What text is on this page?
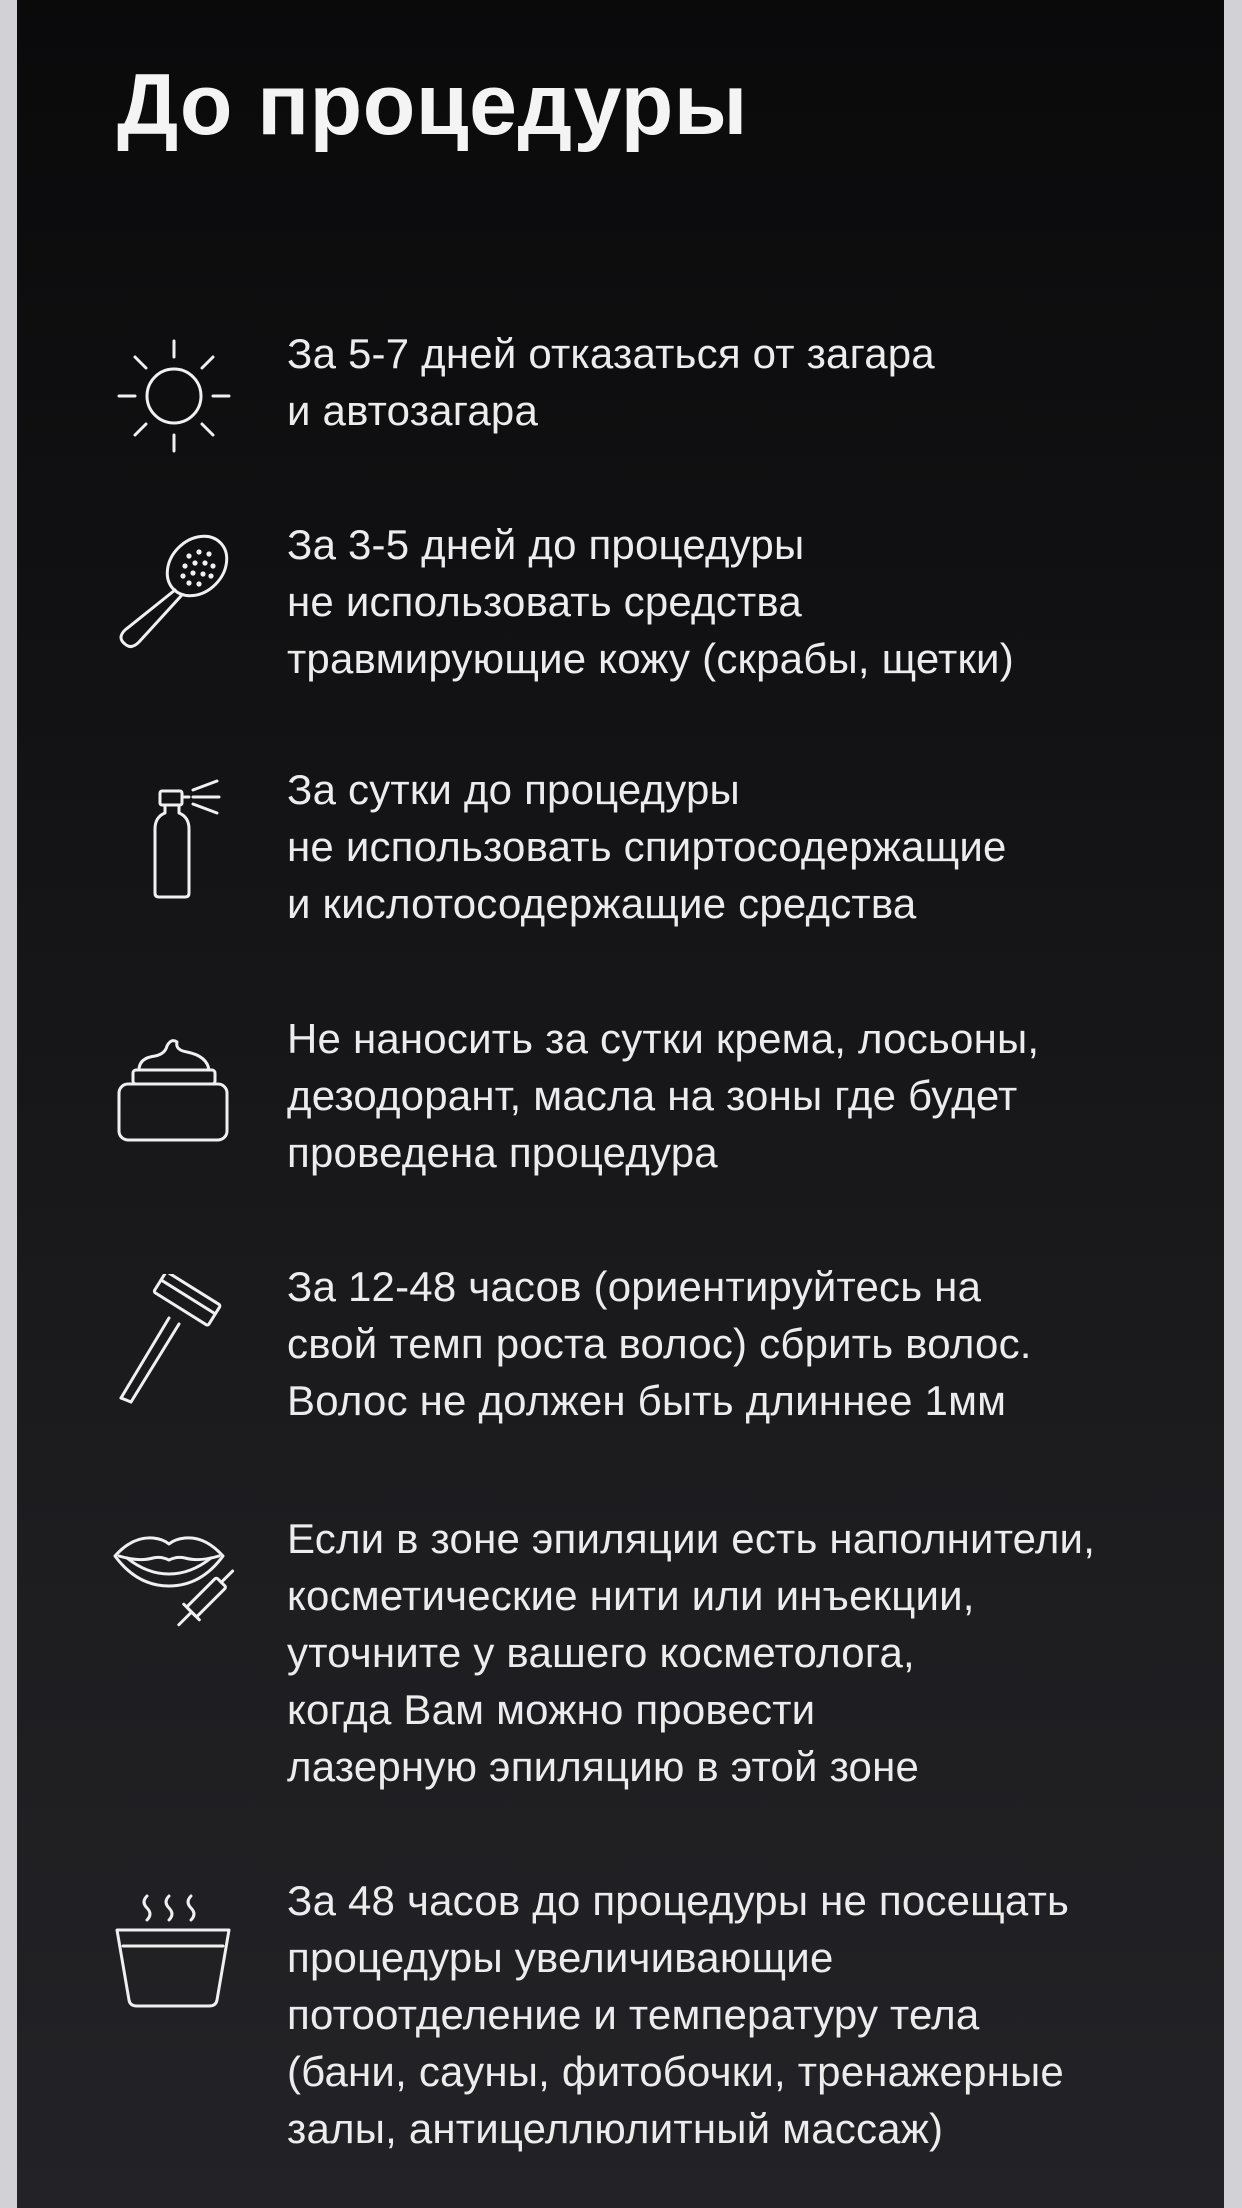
До процедуры
За 5-7 дней отказаться от загара
и автозагара
За 3-5 дней до процедуры
не использовать средства
травмирующие кожу (скрабы, щетки)
За сутки до процедуры
не использовать спиртосодержащие
и кислотосодержащие средства
Не наносить за сутки крема, лосьоны,
дезодорант, масла на зоны где будет
проведена процедура
За 12-48 часов (ориентируйтесь на
свой темп роста волос) сбрить волос.
Волос не должен быть длиннее 1мм
Если в зоне эпиляции есть наполнители,
косметические нити или инъекции,
уточните у вашего косметолога,
когда Вам можно провести
лазерную эпиляцию в этой зоне
За 48 часов до процедуры не посещать
процедуры увеличивающие
потоотделение и температуру тела
(бани, сауны, фитобочки, тренажерные
залы, антицеллюлитный массаж)
